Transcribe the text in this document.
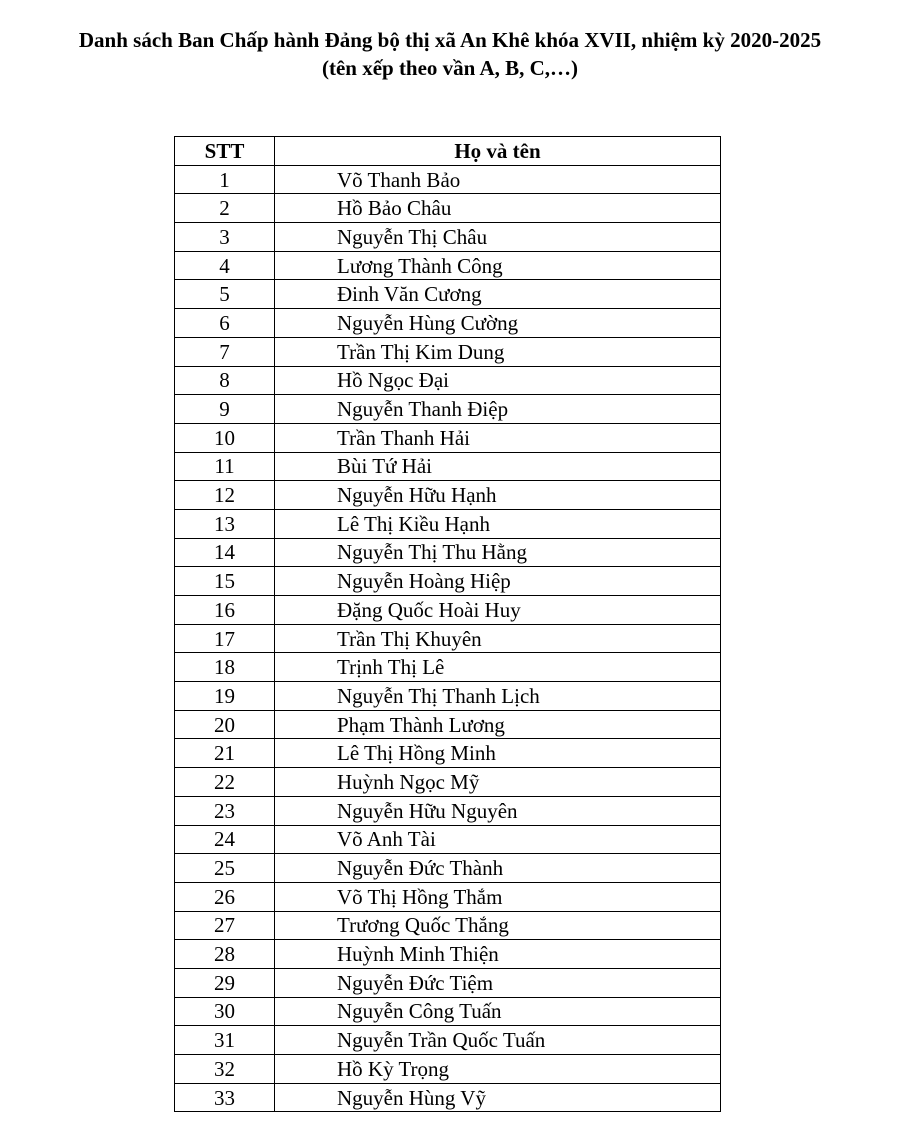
Danh sách Ban Chấp hành Đảng bộ thị xã An Khê khóa XVII, nhiệm kỳ 2020-2025
(tên xếp theo vần A, B, C,…)
STT	Họ và tên
1	Võ Thanh Bảo
2	Hồ Bảo Châu
3	Nguyễn Thị Châu
4	Lương Thành Công
5	Đinh Văn Cương
6	Nguyễn Hùng Cường
7	Trần Thị Kim Dung
8	Hồ Ngọc Đại
9	Nguyễn Thanh Điệp
10	Trần Thanh Hải
11	Bùi Tứ Hải
12	Nguyễn Hữu Hạnh
13	Lê Thị Kiều Hạnh
14	Nguyễn Thị Thu Hằng
15	Nguyễn Hoàng Hiệp
16	Đặng Quốc Hoài Huy
17	Trần Thị Khuyên
18	Trịnh Thị Lê
19	Nguyễn Thị Thanh Lịch
20	Phạm Thành Lương
21	Lê Thị Hồng Minh
22	Huỳnh Ngọc Mỹ
23	Nguyễn Hữu Nguyên
24	Võ Anh Tài
25	Nguyễn Đức Thành
26	Võ Thị Hồng Thắm
27	Trương Quốc Thắng
28	Huỳnh Minh Thiện
29	Nguyễn Đức Tiệm
30	Nguyễn Công Tuấn
31	Nguyễn Trần Quốc Tuấn
32	Hồ Kỳ Trọng
33	Nguyễn Hùng Vỹ
